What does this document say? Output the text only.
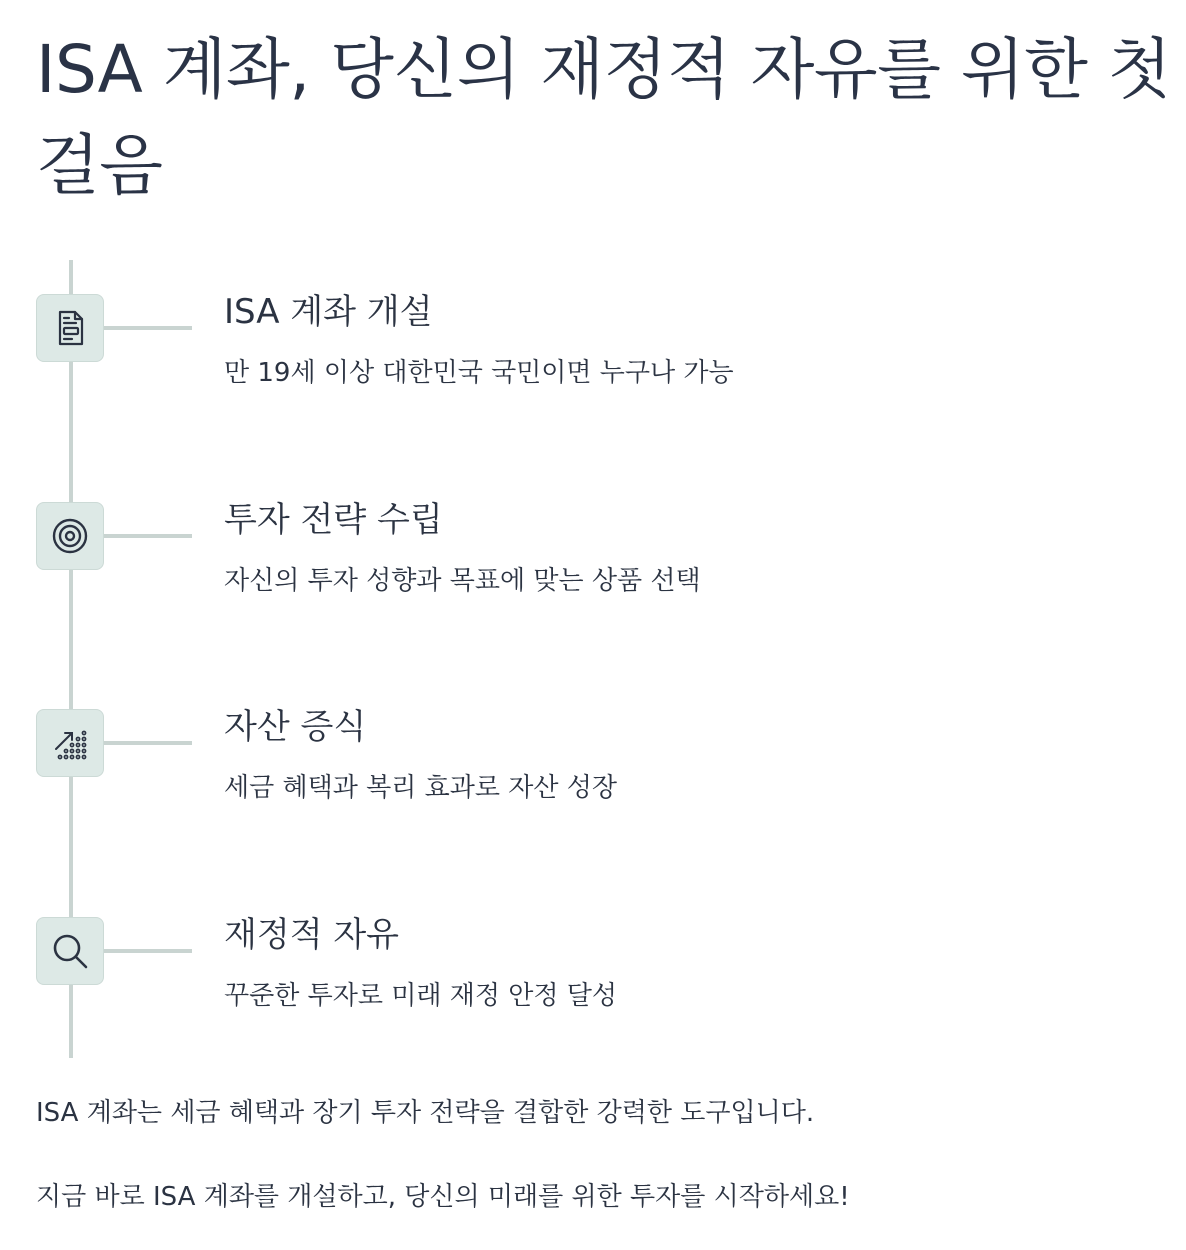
ISA 계좌, 당신의 재정적 자유를 위한 첫걸음
ISA 계좌 개설
만 19세 이상 대한민국 국민이면 누구나 가능
투자 전략 수립
자신의 투자 성향과 목표에 맞는 상품 선택
자산 증식
세금 혜택과 복리 효과로 자산 성장
재정적 자유
꾸준한 투자로 미래 재정 안정 달성
ISA 계좌는 세금 혜택과 장기 투자 전략을 결합한 강력한 도구입니다.
지금 바로 ISA 계좌를 개설하고, 당신의 미래를 위한 투자를 시작하세요!
